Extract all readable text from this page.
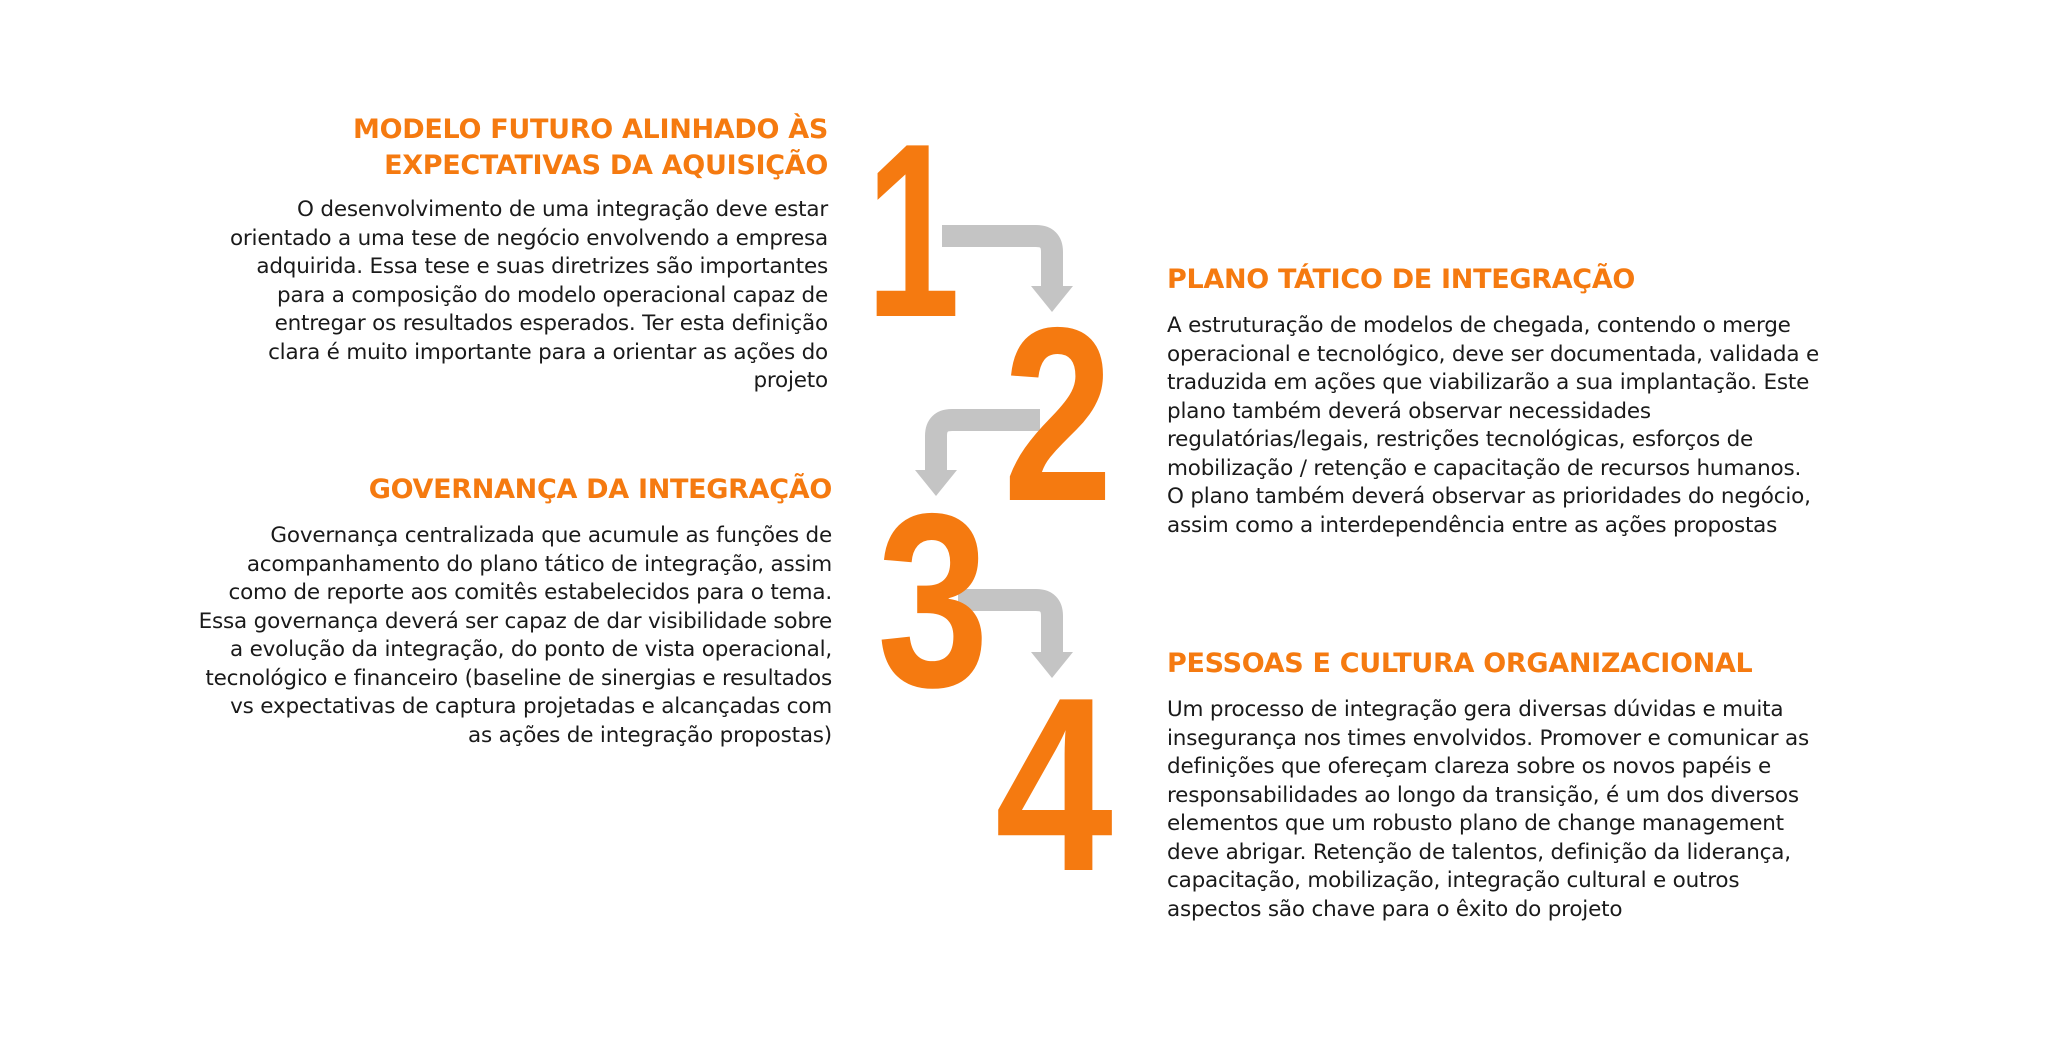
1
2
3
4
MODELO FUTURO ALINHADO ÀS
EXPECTATIVAS DA AQUISIÇÃO

O desenvolvimento de uma integração deve estar
orientado a uma tese de negócio envolvendo a empresa
adquirida. Essa tese e suas diretrizes são importantes
para a composição do modelo operacional capaz de
entregar os resultados esperados. Ter esta definição
clara é muito importante para a orientar as ações do
projeto

PLANO TÁTICO DE INTEGRAÇÃO

A estruturação de modelos de chegada, contendo o merge
operacional e tecnológico, deve ser documentada, validada e
traduzida em ações que viabilizarão a sua implantação. Este
plano também deverá observar necessidades
regulatórias/legais, restrições tecnológicas, esforços de
mobilização / retenção e capacitação de recursos humanos.
O plano também deverá observar as prioridades do negócio,
assim como a interdependência entre as ações propostas

GOVERNANÇA DA INTEGRAÇÃO

Governança centralizada que acumule as funções de
acompanhamento do plano tático de integração, assim
como de reporte aos comitês estabelecidos para o tema.
Essa governança deverá ser capaz de dar visibilidade sobre
a evolução da integração, do ponto de vista operacional,
tecnológico e financeiro (baseline de sinergias e resultados
vs expectativas de captura projetadas e alcançadas com
as ações de integração propostas)

PESSOAS E CULTURA ORGANIZACIONAL

Um processo de integração gera diversas dúvidas e muita
insegurança nos times envolvidos. Promover e comunicar as
definições que ofereçam clareza sobre os novos papéis e
responsabilidades ao longo da transição, é um dos diversos
elementos que um robusto plano de change management
deve abrigar. Retenção de talentos, definição da liderança,
capacitação, mobilização, integração cultural e outros
aspectos são chave para o êxito do projeto
